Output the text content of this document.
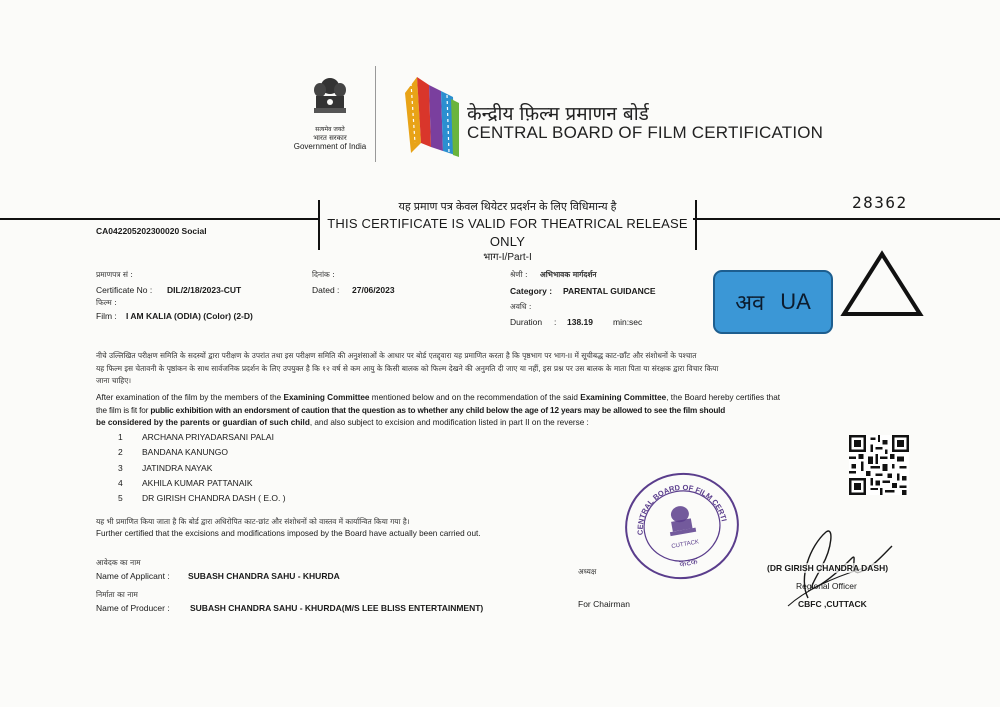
सत्यमेव जयते
भारत सरकार
Government of India
केन्द्रीय फ़िल्म प्रमाणन बोर्ड
CENTRAL BOARD OF FILM CERTIFICATION
यह प्रमाण पत्र केवल थियेटर प्रदर्शन के लिए विधिमान्य है
THIS CERTIFICATE IS VALID FOR THEATRICAL RELEASE ONLY
भाग-I/Part-I
28362
CA042205202300020 Social
प्रमाणपत्र सं :
Certificate No : DIL/2/18/2023-CUT
दिनांक :
Dated : 27/06/2023
श्रेणी : अभिभावक मार्गदर्शन
Category : PARENTAL GUIDANCE
फिल्म :
Film : I AM KALIA (ODIA) (Color) (2-D)
अवधि :
Duration : 138.19 min:sec
अव UA
नीचे उल्लिखित परीक्षण समिति के सदस्यों द्वारा परीक्षण के उपरांत तथा इस परीक्षण समिति की अनुशंसाओं के आधार पर बोर्ड एतद्द्वारा यह प्रमाणित करता है कि पृष्ठभाग पर भाग-II में सूचीबद्ध काट-छाँट और संशोधनों के पश्चात
यह फिल्म इस चेतावनी के पृष्ठांकन के साथ सार्वजनिक प्रदर्शन के लिए उपयुक्त है कि १२ वर्ष से कम आयु के किसी बालक को फिल्म देखने की अनुमति दी जाए या नहीं, इस प्रश्न पर उस बालक के माता पिता या संरक्षक द्वारा विचार किया
जाना चाहिए।
After examination of the film by the members of the Examining Committee mentioned below and on the recommendation of the said Examining Committee, the Board hereby certifies that
the film is fit for public exhibition with an endorsment of caution that the question as to whether any child below the age of 12 years may be allowed to see the film should
be considered by the parents or guardian of such child, and also subject to excision and modification listed in part II on the reverse :
1 ARCHANA PRIYADARSANI PALAI
2 BANDANA KANUNGO
3 JATINDRA NAYAK
4 AKHILA KUMAR PATTANAIK
5 DR GIRISH CHANDRA DASH ( E.O. )
यह भी प्रमाणित किया जाता है कि बोर्ड द्वारा अधिरोपित काट-छांट और संशोधनों को वास्तव में कार्यान्वित किया गया है।
Further certified that the excisions and modifications imposed by the Board have actually been carried out.
आवेदक का नाम
Name of Applicant : SUBASH CHANDRA SAHU - KHURDA
निर्माता का नाम
Name of Producer : SUBASH CHANDRA SAHU - KHURDA(M/S LEE BLISS ENTERTAINMENT)
अध्यक्ष
For Chairman
CENTRAL BOARD OF FILM CERTIFICATION
CUTTACK
कटक	(DR GIRISH CHANDRA DASH)
Regional Officer
CBFC ,CUTTACK
